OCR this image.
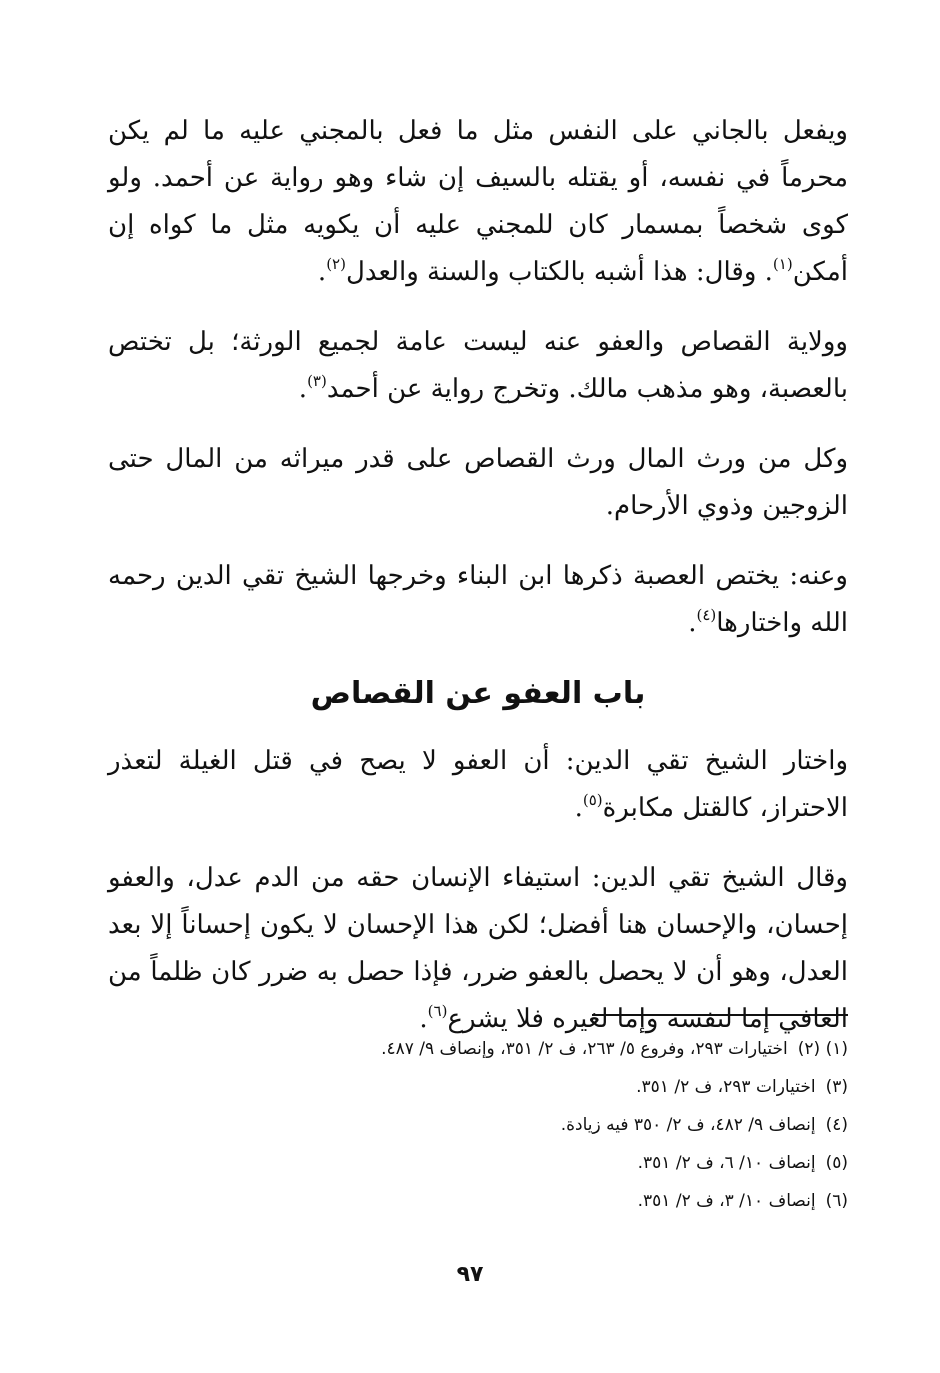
ويفعل بالجاني على النفس مثل ما فعل بالمجني عليه ما لم يكن محرماً في نفسه، أو يقتله بالسيف إن شاء وهو رواية عن أحمد. ولو كوى شخصاً بمسمار كان للمجني عليه أن يكويه مثل ما كواه إن أمكن$^{(١)}$. وقال: هذا أشبه بالكتاب والسنة والعدل$^{(٢)}$.
وولاية القصاص والعفو عنه ليست عامة لجميع الورثة؛ بل تختص بالعصبة، وهو مذهب مالك. وتخرج رواية عن أحمد$^{(٣)}$.
وكل من ورث المال ورث القصاص على قدر ميراثه من المال حتى الزوجين وذوي الأرحام.
وعنه: يختص العصبة ذكرها ابن البناء وخرجها الشيخ تقي الدين رحمه الله واختارها$^{(٤)}$.
باب العفو عن القصاص
واختار الشيخ تقي الدين: أن العفو لا يصح في قتل الغيلة لتعذر الاحتراز، كالقتل مكابرة$^{(٥)}$.
وقال الشيخ تقي الدين: استيفاء الإنسان حقه من الدم عدل، والعفو إحسان، والإحسان هنا أفضل؛ لكن هذا الإحسان لا يكون إحساناً إلا بعد العدل، وهو أن لا يحصل بالعفو ضرر، فإذا حصل به ضرر كان ظلماً من العافي إما لنفسه وإما لغيره فلا يشرع$^{(٦)}$.
(١) (٢)اختيارات ٢٩٣، وفروع ٥/ ٢٦٣، ف ٢/ ٣٥١، وإنصاف ٩/ ٤٨٧.
(٣)اختيارات ٢٩٣، ف ٢/ ٣٥١.
(٤)إنصاف ٩/ ٤٨٢، ف ٢/ ٣٥٠ فيه زيادة.
(٥)إنصاف ١٠/ ٦، ف ٢/ ٣٥١.
(٦)إنصاف ١٠/ ٣، ف ٢/ ٣٥١.
٩٧
